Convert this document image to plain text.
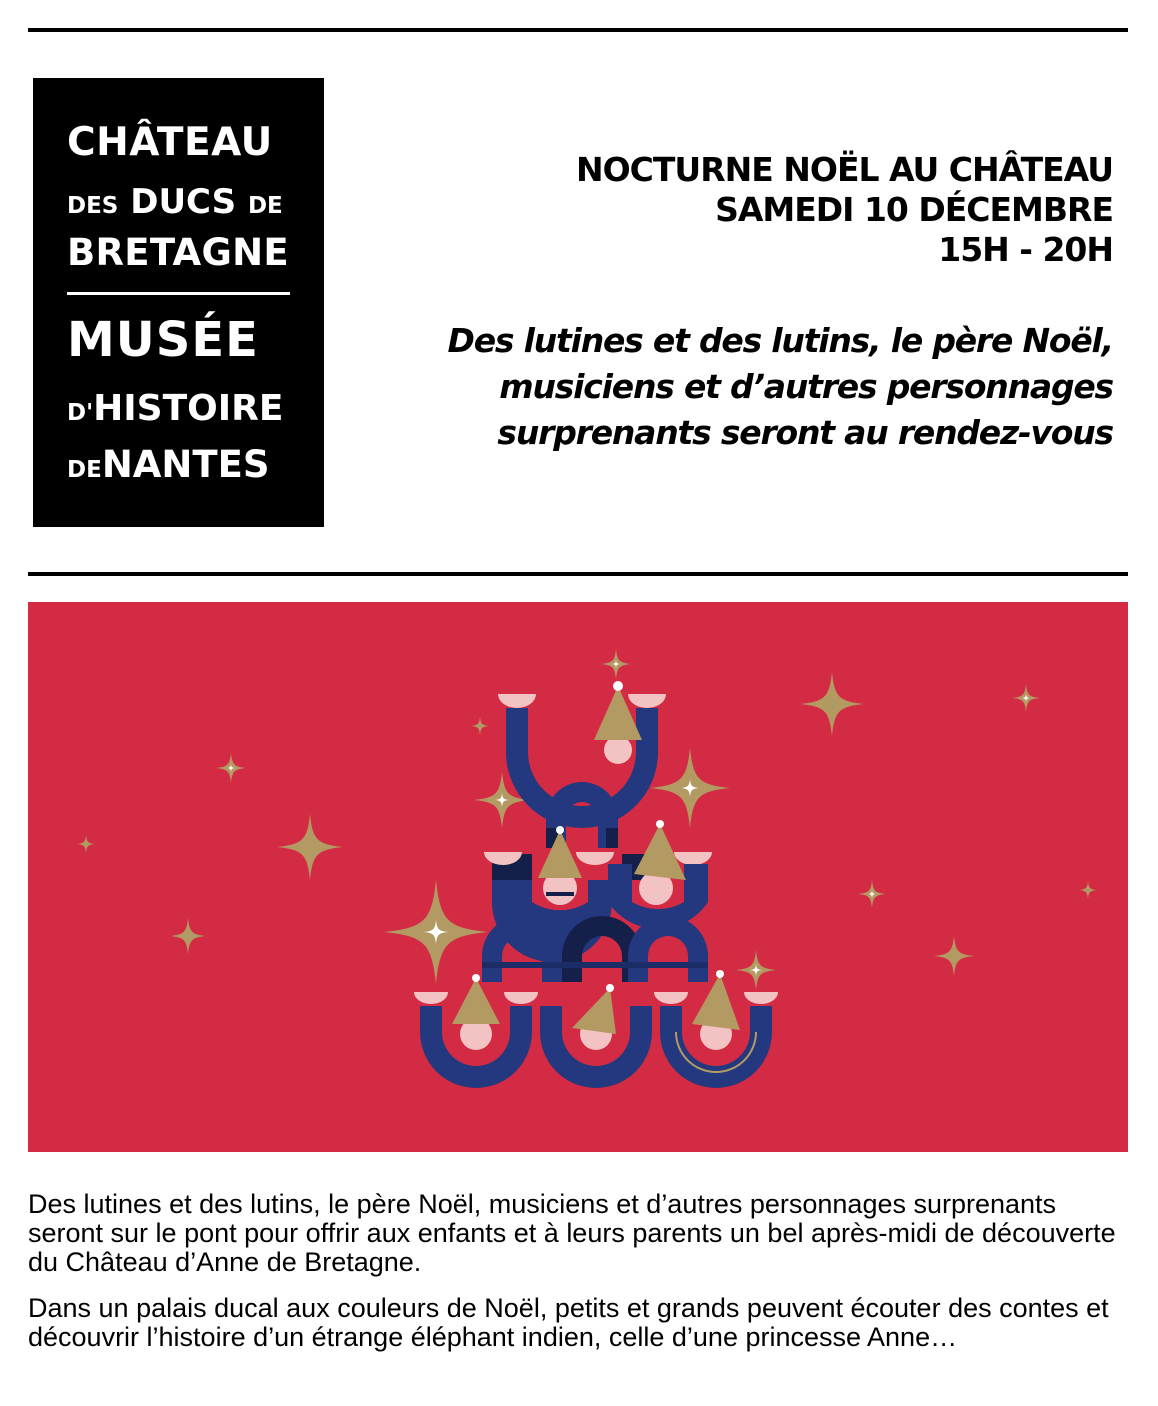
CHÂTEAU
DES DUCS DE
BRETAGNE
MUSÉE
D'HISTOIRE
DENANTES
NOCTURNE NOËL AU CHÂTEAU
SAMEDI 10 DÉCEMBRE
15H - 20H
Des lutines et des lutins, le père Noël,
musiciens et d’autres personnages
surprenants seront au rendez-vous

Des lutines et des lutins, le père Noël, musiciens et d’autres personnages surprenants seront sur le pont pour offrir aux enfants et à leurs parents un bel après-midi de découverte du Château d’Anne de Bretagne.

Dans un palais ducal aux couleurs de Noël, petits et grands peuvent écouter des contes et découvrir l’histoire d’un étrange éléphant indien, celle d’une princesse Anne…
